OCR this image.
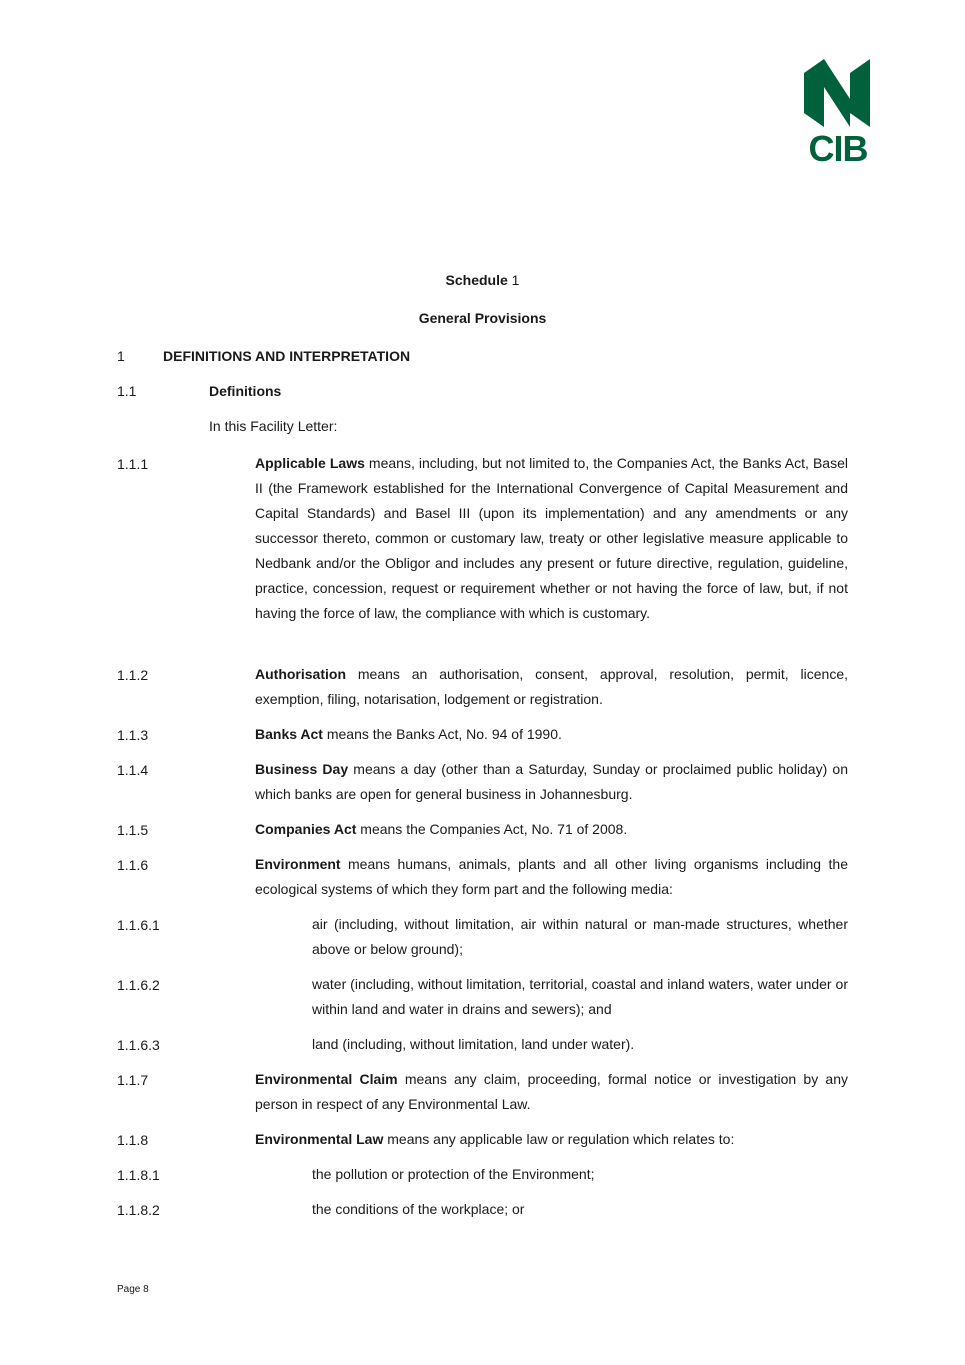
CIB
Schedule 1
General Provisions
1	DEFINITIONS AND INTERPRETATION
1.1	Definitions
In this Facility Letter:
1.1.1	Applicable Laws means, including, but not limited to, the Companies Act, the Banks Act, Basel II (the Framework established for the International Convergence of Capital Measurement and Capital Standards) and Basel III (upon its implementation) and any amendments or any successor thereto, common or customary law, treaty or other legislative measure applicable to Nedbank and/or the Obligor and includes any present or future directive, regulation, guideline, practice, concession, request or requirement whether or not having the force of law, but, if not having the force of law, the compliance with which is customary.
1.1.2	Authorisation means an authorisation, consent, approval, resolution, permit, licence, exemption, filing, notarisation, lodgement or registration.
1.1.3	Banks Act means the Banks Act, No. 94 of 1990.
1.1.4	Business Day means a day (other than a Saturday, Sunday or proclaimed public holiday) on which banks are open for general business in Johannesburg.
1.1.5	Companies Act means the Companies Act, No. 71 of 2008.
1.1.6	Environment means humans, animals, plants and all other living organisms including the ecological systems of which they form part and the following media:
1.1.6.1	air (including, without limitation, air within natural or man-made structures, whether above or below ground);
1.1.6.2	water (including, without limitation, territorial, coastal and inland waters, water under or within land and water in drains and sewers); and
1.1.6.3	land (including, without limitation, land under water).
1.1.7	Environmental Claim means any claim, proceeding, formal notice or investigation by any person in respect of any Environmental Law.
1.1.8	Environmental Law means any applicable law or regulation which relates to:
1.1.8.1	the pollution or protection of the Environment;
1.1.8.2	the conditions of the workplace; or
Page 8
